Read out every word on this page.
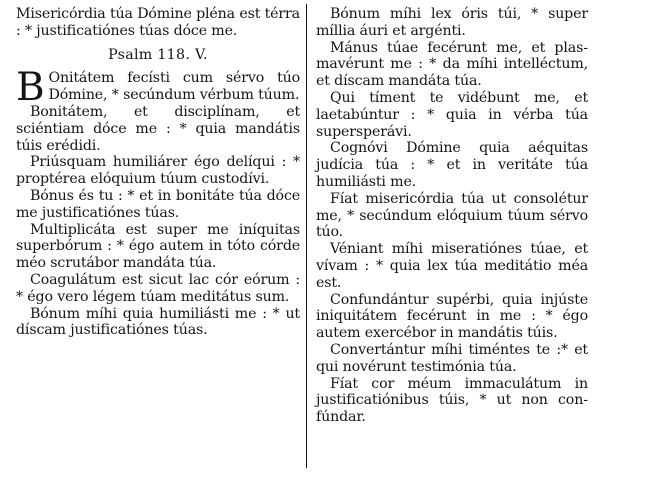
Misericórdia túa Dómine pléna est térra : * justificatiónes túas dóce me.

Psalm 118. V.

B Onitátem fecísti cum sérvo túo Dómine, * secúndum vérbum túum.

Bonitátem, et disciplínam, et sciéntiam dóce me : * quia mandátis túis erédidi.

Priúsquam humiliárer égo delíqui : * proptérea elóquium túum custodívi.

Bónus és tu : * et in bonitáte túa dóce me justificatiónes túas.

Multiplicáta est super me iníquitas superbórum : * égo autem in tóto córde méo scrutábor mandáta túa.

Coagulátum est sicut lac cór eórum : * égo vero légem túam meditátus sum.

Bónum míhi quia humiliásti me : * ut díscam justificatiónes túas.

Bónum míhi lex óris túi, * super míllia áuri et argénti.

Mánus túae fecérunt me, et plasmavérunt me : * da míhi intelléctum, et díscam mandáta túa.

Qui tíment te vidébunt me, et laetabúntur : * quia in vérba túa supersperávi.

Cognóvi Dómine quia aéquitas judícia túa : * et in veritáte túa humiliásti me.

Fíat misericórdia túa ut consolétur me, * secúndum elóquium túum sérvo túo.

Véniant míhi miseratiónes túae, et vívam : * quia lex túa meditátio méa est.

Confundántur supérbi, quia injúste iniquitátem fecérunt in me : * égo autem exercébor in mandátis túis.

Convertántur míhi timéntes te :* et qui novérunt testimónia túa.

Fíat cor méum immaculátum in justificatiónibus túis, * ut non confúndar.
